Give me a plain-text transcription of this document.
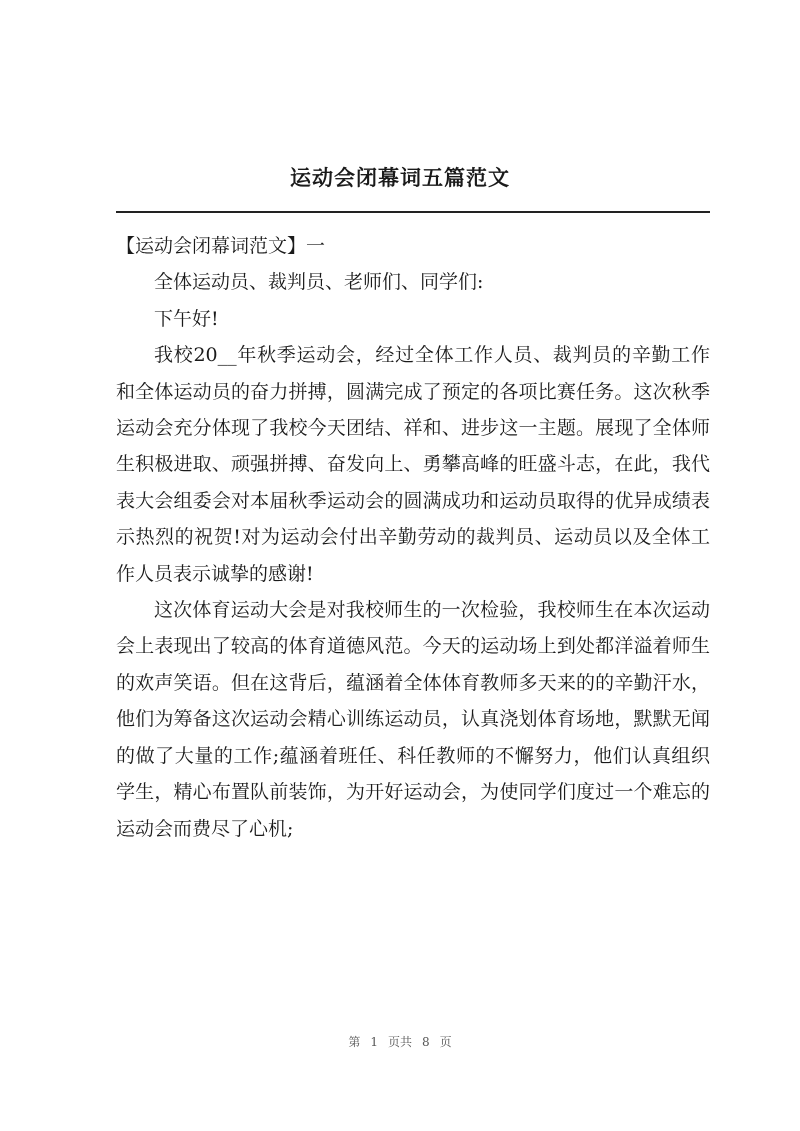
运动会闭幕词五篇范文

【运动会闭幕词范文】一

全体运动员、裁判员、老师们、同学们:

下午好!

我校20__年秋季运动会，经过全体工作人员、裁判员的辛勤工作和全体运动员的奋力拼搏，圆满完成了预定的各项比赛任务。这次秋季运动会充分体现了我校今天团结、祥和、进步这一主题。展现了全体师生积极进取、顽强拼搏、奋发向上、勇攀高峰的旺盛斗志，在此，我代表大会组委会对本届秋季运动会的圆满成功和运动员取得的优异成绩表示热烈的祝贺!对为运动会付出辛勤劳动的裁判员、运动员以及全体工作人员表示诚挚的感谢!

这次体育运动大会是对我校师生的一次检验，我校师生在本次运动会上表现出了较高的体育道德风范。今天的运动场上到处都洋溢着师生的欢声笑语。但在这背后，蕴涵着全体体育教师多天来的的辛勤汗水，他们为筹备这次运动会精心训练运动员，认真浇划体育场地，默默无闻的做了大量的工作;蕴涵着班任、科任教师的不懈努力，他们认真组织学生，精心布置队前装饰，为开好运动会，为使同学们度过一个难忘的运动会而费尽了心机;

第 1 页共 8 页
